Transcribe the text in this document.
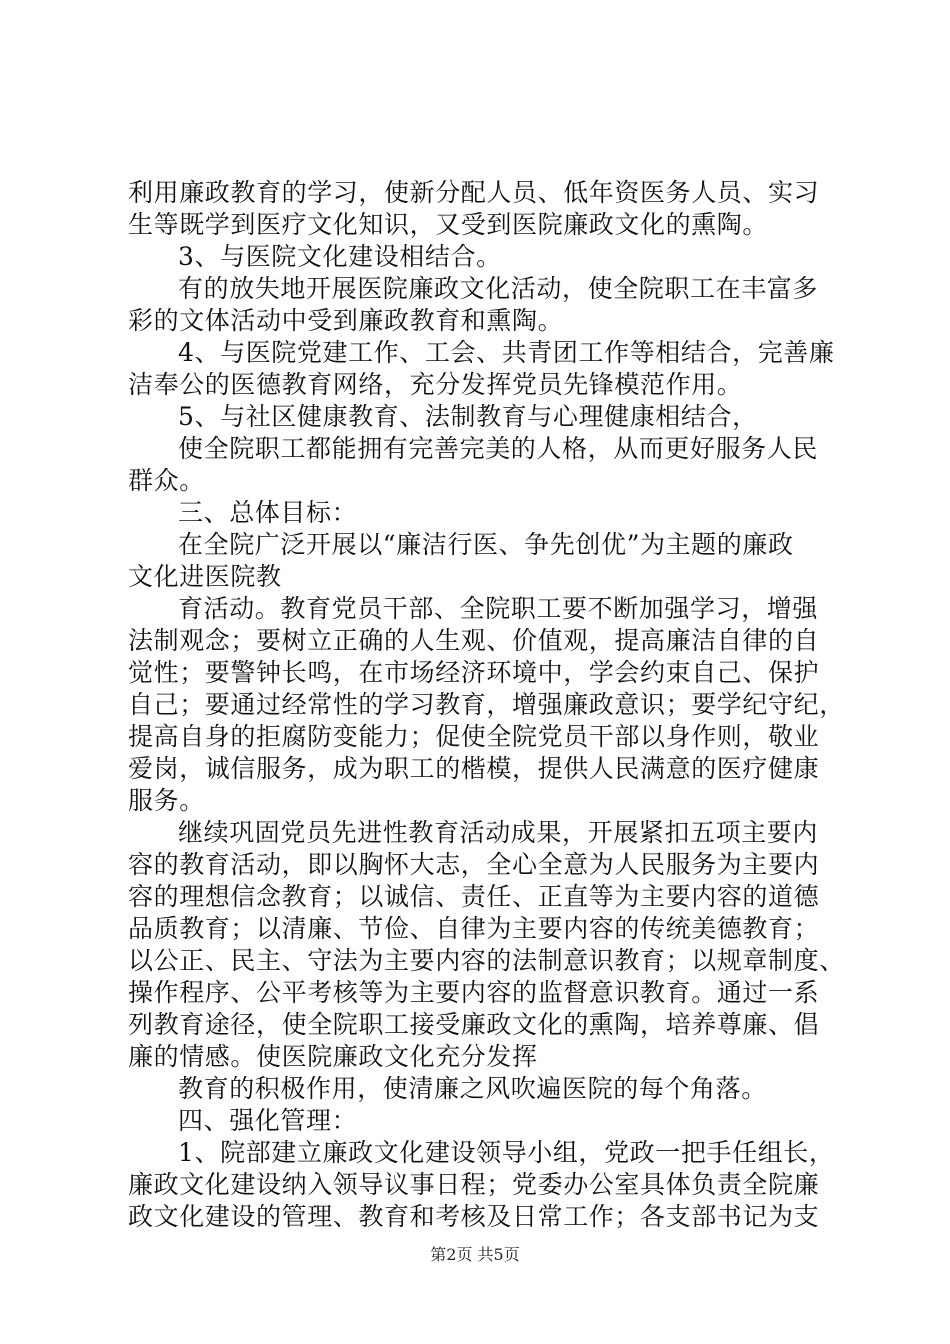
利用廉政教育的学习，使新分配人员、低年资医务人员、实习
生等既学到医疗文化知识，又受到医院廉政文化的熏陶。
3、与医院文化建设相结合。
有的放失地开展医院廉政文化活动，使全院职工在丰富多
彩的文体活动中受到廉政教育和熏陶。
4、与医院党建工作、工会、共青团工作等相结合，完善廉
洁奉公的医德教育网络，充分发挥党员先锋模范作用。
5、与社区健康教育、法制教育与心理健康相结合，
使全院职工都能拥有完善完美的人格，从而更好服务人民
群众。
三、总体目标：
在全院广泛开展以“廉洁行医、争先创优”为主题的廉政
文化进医院教
育活动。教育党员干部、全院职工要不断加强学习，增强
法制观念；要树立正确的人生观、价值观，提高廉洁自律的自
觉性；要警钟长鸣，在市场经济环境中，学会约束自己、保护
自己；要通过经常性的学习教育，增强廉政意识；要学纪守纪，
提高自身的拒腐防变能力；促使全院党员干部以身作则，敬业
爱岗，诚信服务，成为职工的楷模，提供人民满意的医疗健康
服务。
继续巩固党员先进性教育活动成果，开展紧扣五项主要内
容的教育活动，即以胸怀大志，全心全意为人民服务为主要内
容的理想信念教育；以诚信、责任、正直等为主要内容的道德
品质教育；以清廉、节俭、自律为主要内容的传统美德教育；
以公正、民主、守法为主要内容的法制意识教育；以规章制度、
操作程序、公平考核等为主要内容的监督意识教育。通过一系
列教育途径，使全院职工接受廉政文化的熏陶，培养尊廉、倡
廉的情感。使医院廉政文化充分发挥
教育的积极作用，使清廉之风吹遍医院的每个角落。
四、强化管理：
1、院部建立廉政文化建设领导小组，党政一把手任组长，
廉政文化建设纳入领导议事日程；党委办公室具体负责全院廉
政文化建设的管理、教育和考核及日常工作；各支部书记为支
第2页 共5页
